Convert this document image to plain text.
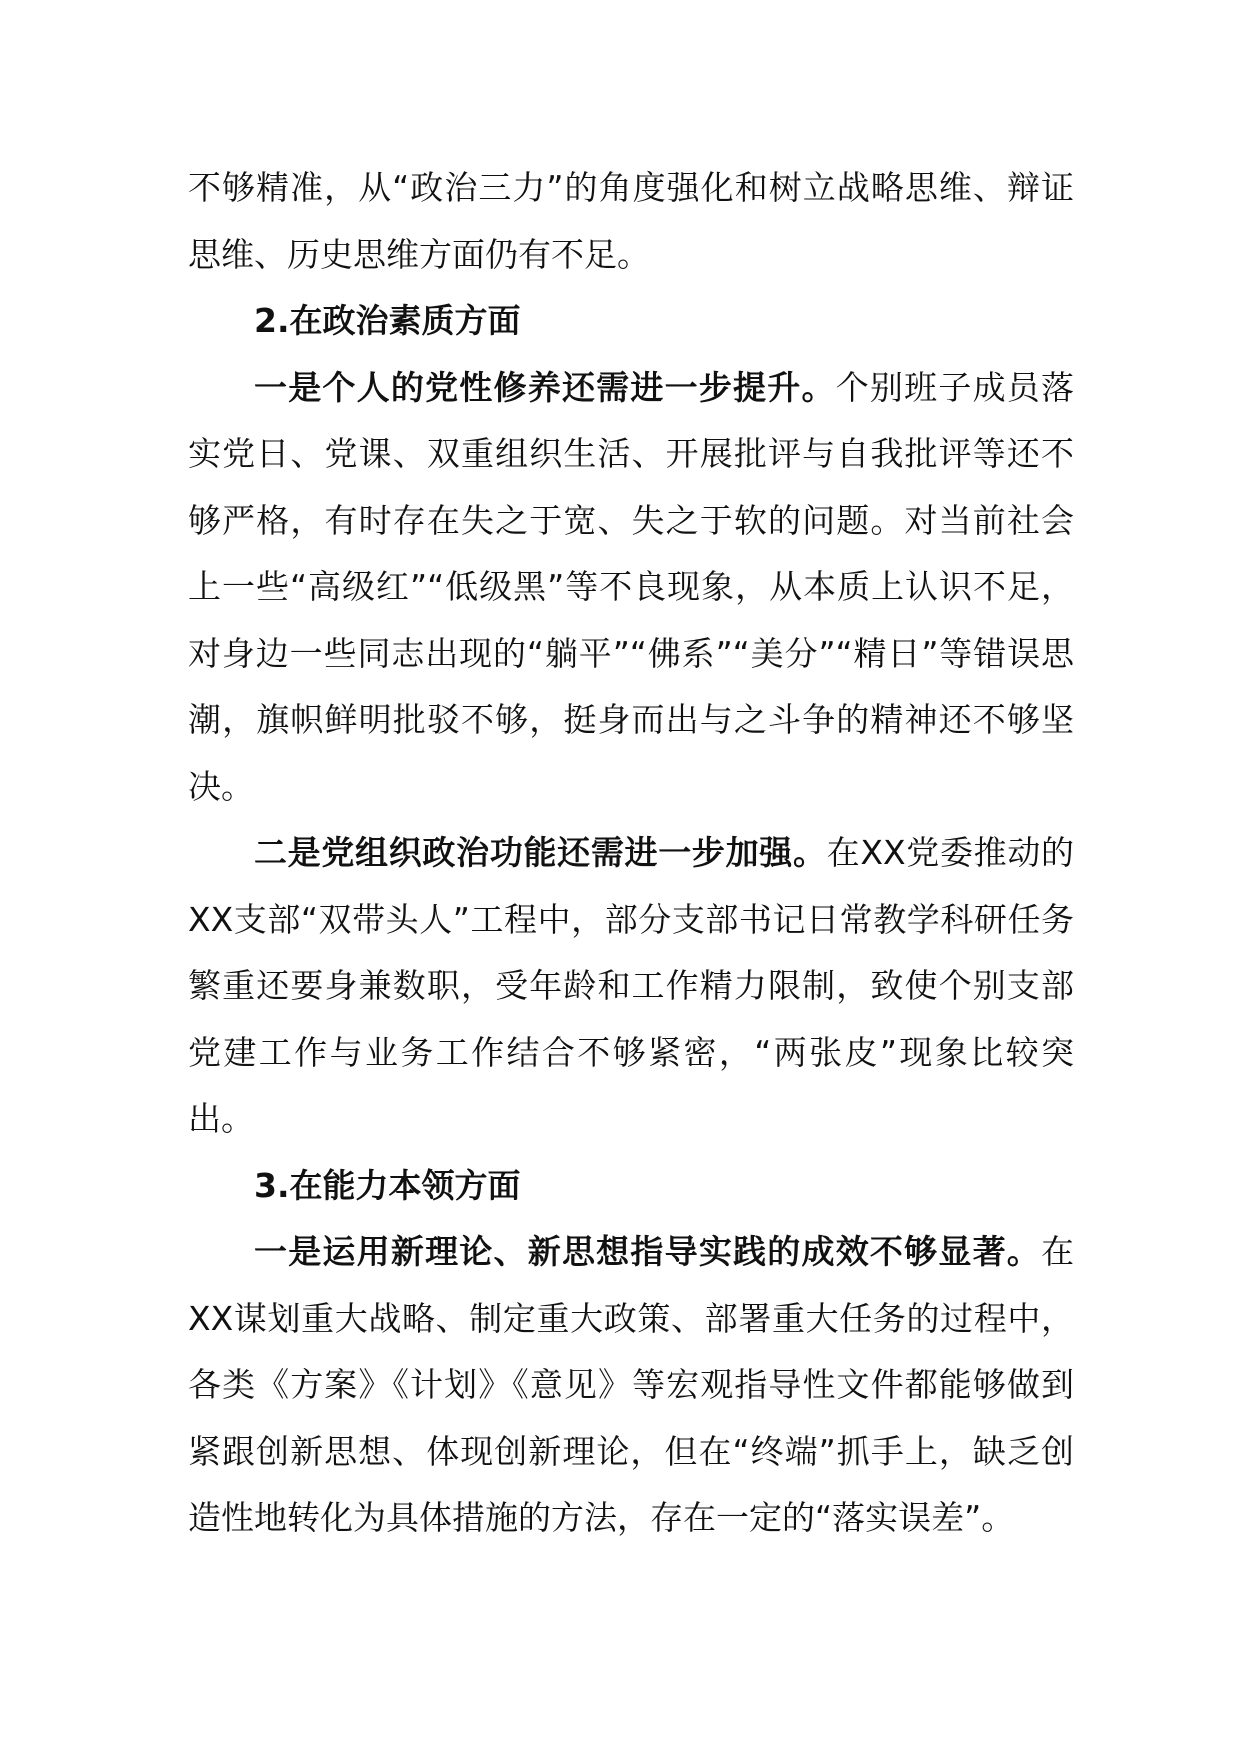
不够精准，从“政治三力”的角度强化和树立战略思维、辩证思维、历史思维方面仍有不足。

2.在政治素质方面

一是个人的党性修养还需进一步提升。个别班子成员落实党日、党课、双重组织生活、开展批评与自我批评等还不够严格，有时存在失之于宽、失之于软的问题。对当前社会上一些“高级红”“低级黑”等不良现象，从本质上认识不足，对身边一些同志出现的“躺平”“佛系”“美分”“精日”等错误思潮，旗帜鲜明批驳不够，挺身而出与之斗争的精神还不够坚决。

二是党组织政治功能还需进一步加强。在XX党委推动的XX支部“双带头人”工程中，部分支部书记日常教学科研任务繁重还要身兼数职，受年龄和工作精力限制，致使个别支部党建工作与业务工作结合不够紧密，“两张皮”现象比较突出。

3.在能力本领方面

一是运用新理论、新思想指导实践的成效不够显著。在XX谋划重大战略、制定重大政策、部署重大任务的过程中，各类《方案》《计划》《意见》等宏观指导性文件都能够做到紧跟创新思想、体现创新理论，但在“终端”抓手上，缺乏创造性地转化为具体措施的方法，存在一定的“落实误差”。
